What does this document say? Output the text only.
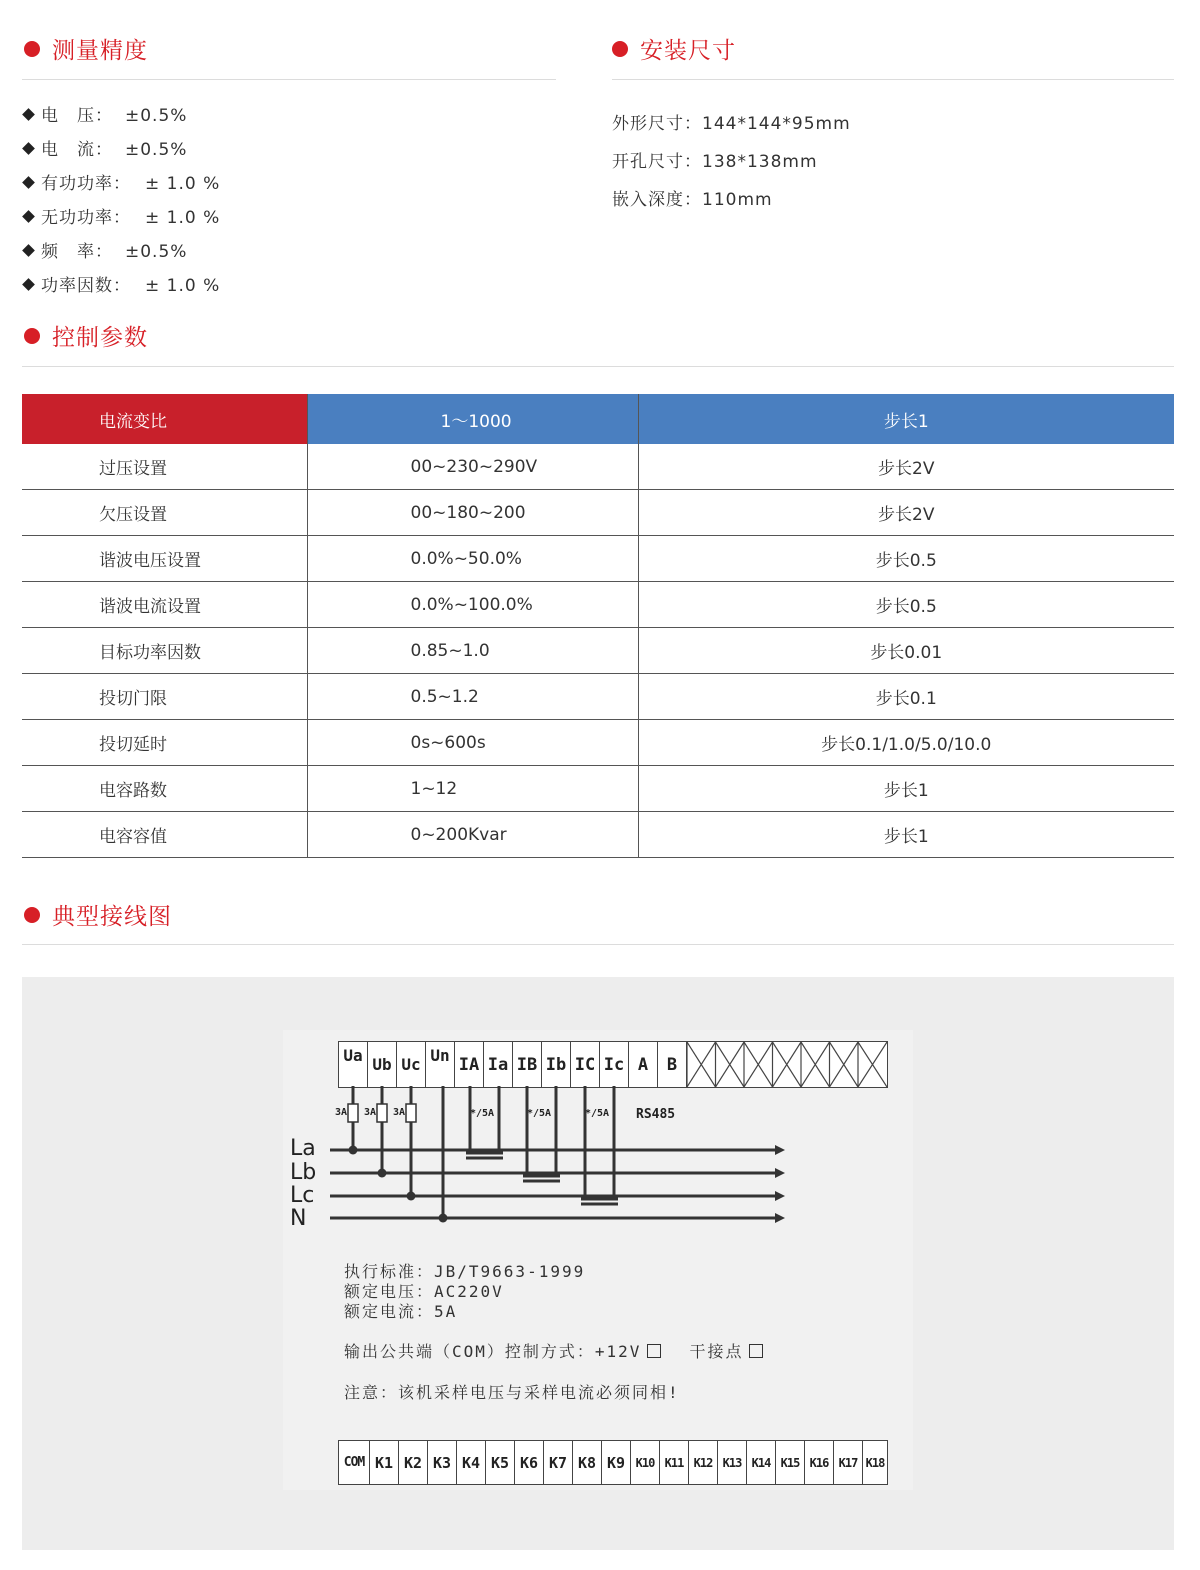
测量精度	安装尺寸
电　压： ±0.5%
电　流： ±0.5%
有功功率： ± 1.0 %
无功功率： ± 1.0 %
频　率： ±0.5%
功率因数： ± 1.0 %
外形尺寸：144*144*95mm
开孔尺寸：138*138mm
嵌入深度：110mm
控制参数
电流变比	1～1000	步长1
过压设置	00~230~290V	步长2V
欠压设置	00~180~200	步长2V
谐波电压设置	0.0%~50.0%	步长0.5
谐波电流设置	0.0%~100.0%	步长0.5
目标功率因数	0.85~1.0	步长0.01
投切门限	0.5~1.2	步长0.1
投切延时	0s~600s	步长0.1/1.0/5.0/10.0
电容路数	1~12	步长1
电容容值	0~200Kvar	步长1
典型接线图
Ua Ub Uc Un IA Ia IB Ib IC Ic A	B
3A 3A 3A	*/5A	*/5A	*/5A RS485
La
Lb
Lc
N
执行标准：JB/T9663-1999
额定电压：AC220V
额定电流：5A
输出公共端（COM）控制方式：+12V	干接点
注意：该机采样电压与采样电流必须同相!
COM K1 K2 K3 K4 K5 K6 K7 K8 K9 K10 K11 K12 K13 K14 K15 K16 K17 K18
